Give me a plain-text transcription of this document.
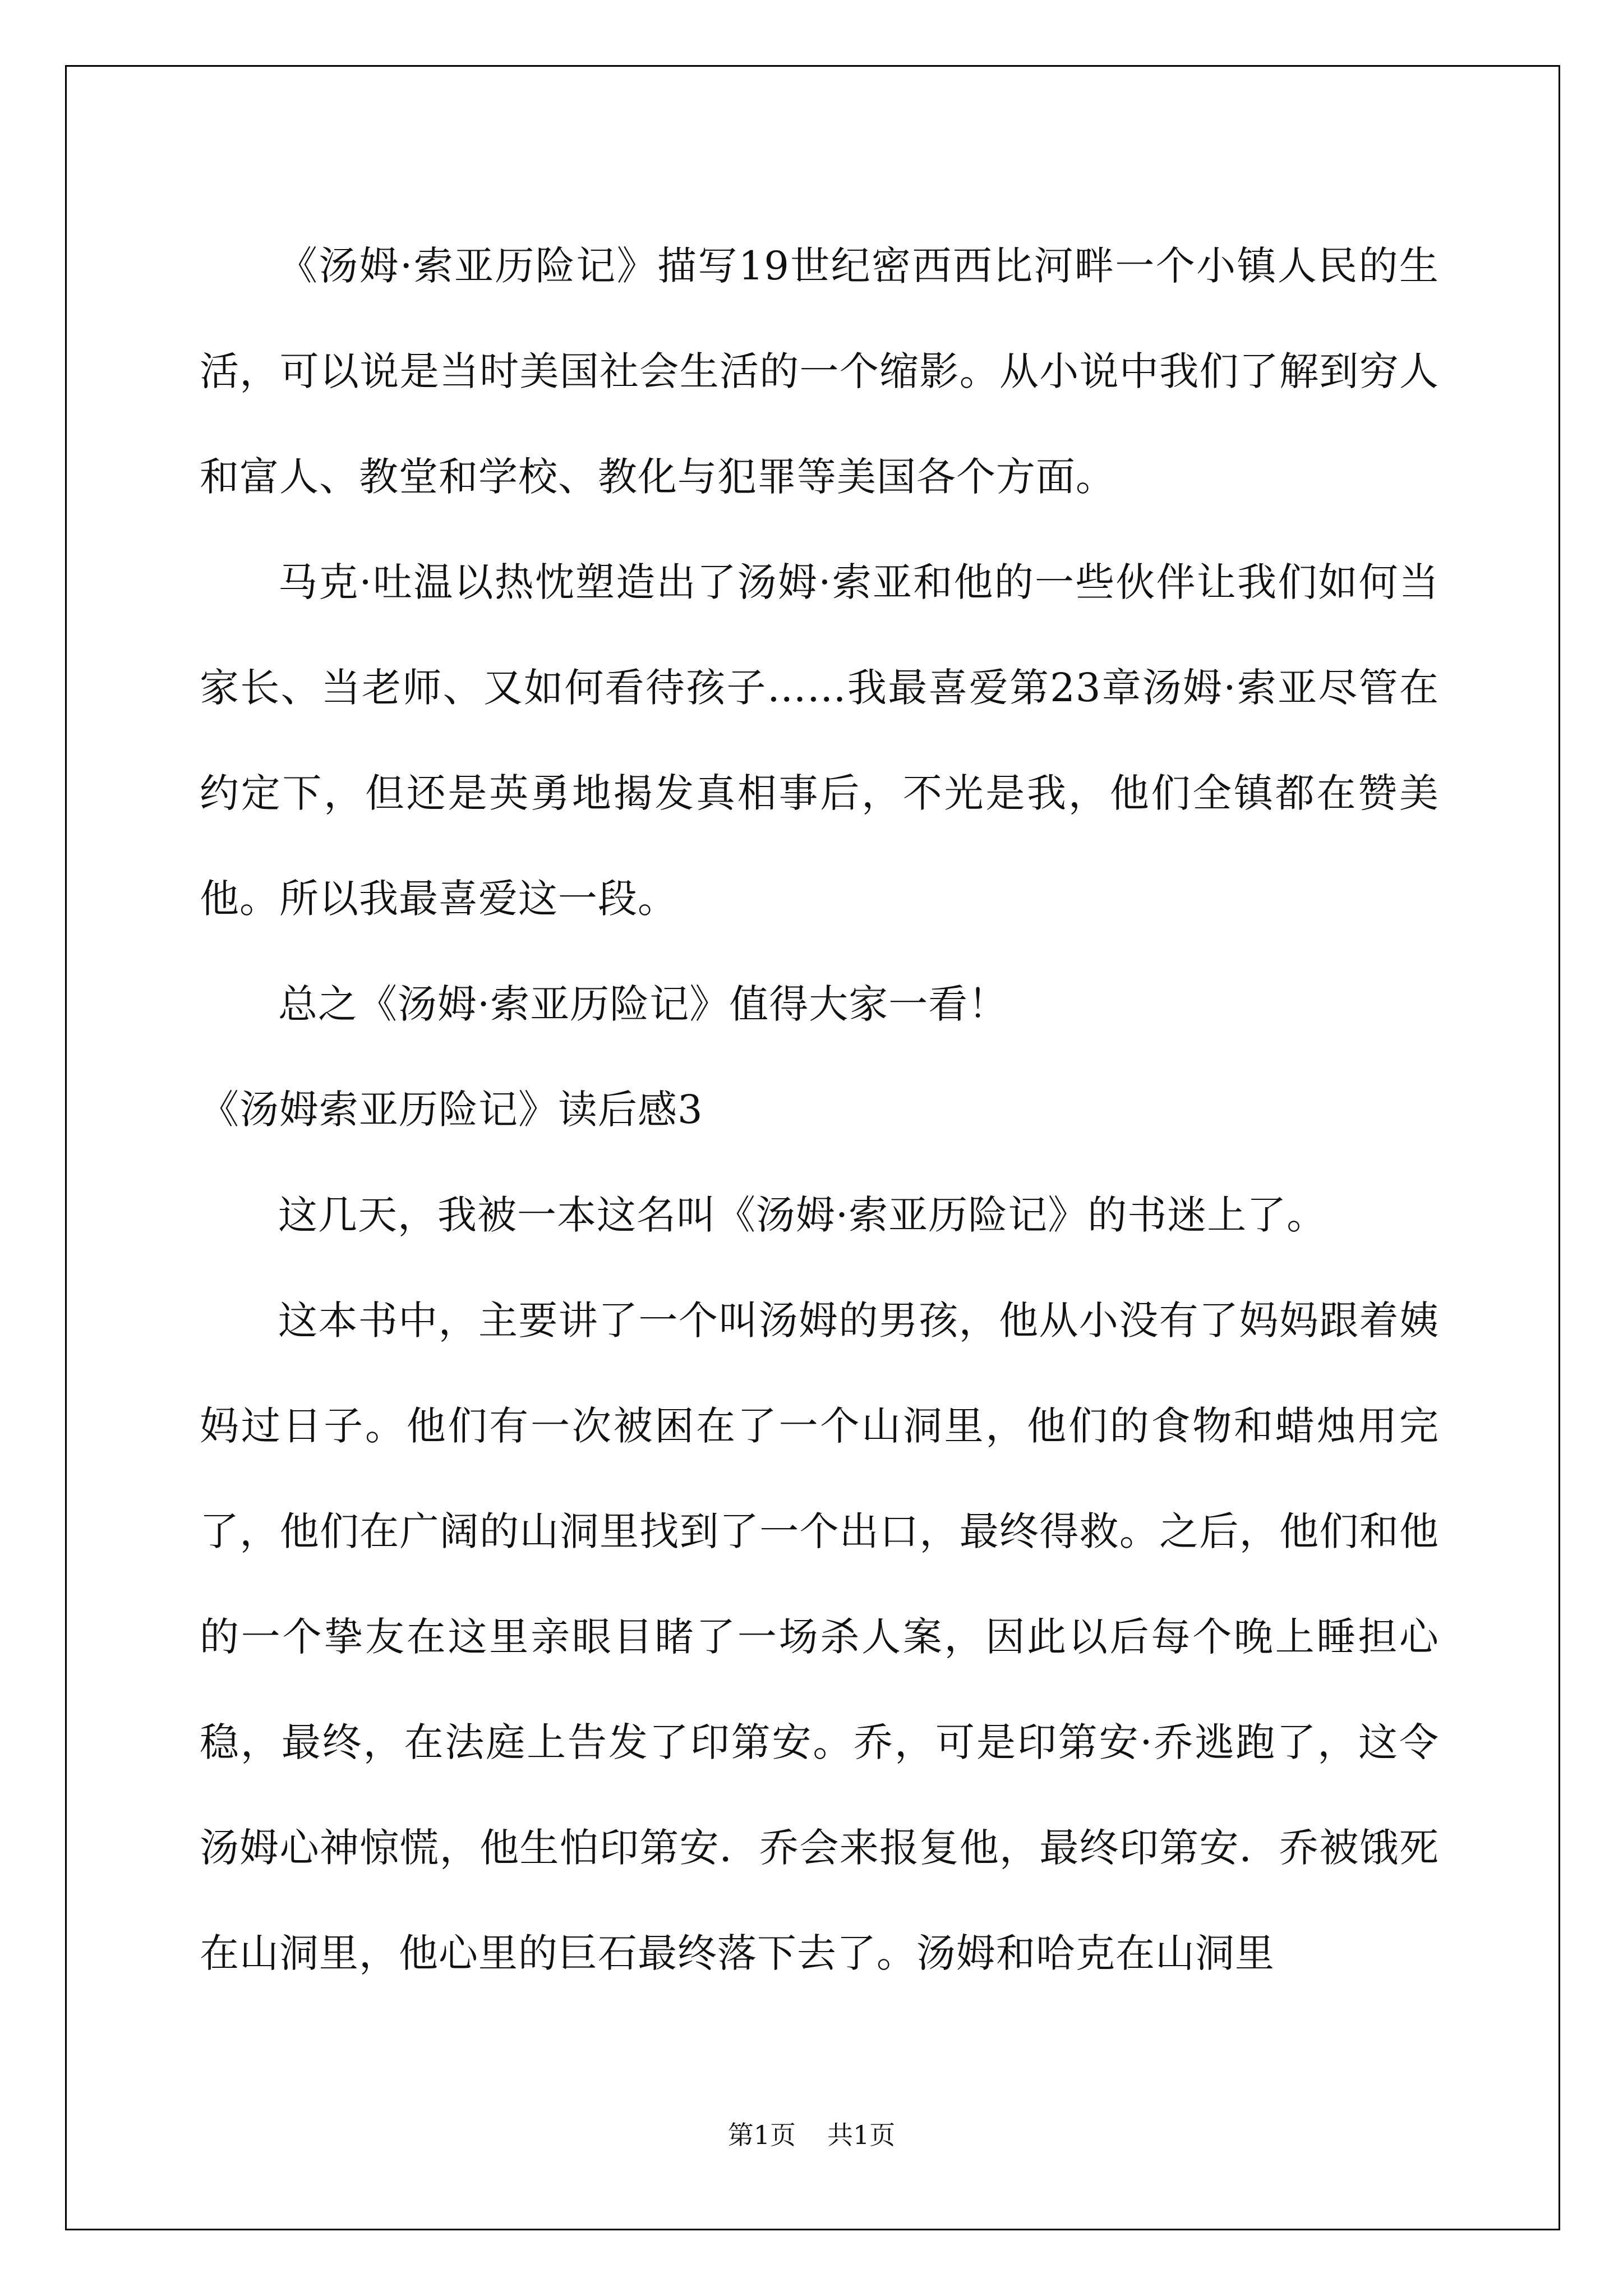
《汤姆·索亚历险记》描写19世纪密西西比河畔一个小镇人民的生活，可以说是当时美国社会生活的一个缩影。从小说中我们了解到穷人和富人、教堂和学校、教化与犯罪等美国各个方面。

马克·吐温以热忱塑造出了汤姆·索亚和他的一些伙伴让我们如何当家长、当老师、又如何看待孩子……我最喜爱第23章汤姆·索亚尽管在约定下，但还是英勇地揭发真相事后，不光是我，他们全镇都在赞美他。所以我最喜爱这一段。

总之《汤姆·索亚历险记》值得大家一看！

《汤姆索亚历险记》读后感3

这几天，我被一本这名叫《汤姆·索亚历险记》的书迷上了。

这本书中，主要讲了一个叫汤姆的男孩，他从小没有了妈妈跟着姨妈过日子。他们有一次被困在了一个山洞里，他们的食物和蜡烛用完了，他们在广阔的山洞里找到了一个出口，最终得救。之后，他们和他的一个挚友在这里亲眼目睹了一场杀人案，因此以后每个晚上睡担心稳，最终，在法庭上告发了印第安。乔，可是印第安·乔逃跑了，这令汤姆心神惊慌，他生怕印第安．乔会来报复他，最终印第安．乔被饿死在山洞里，他心里的巨石最终落下去了。汤姆和哈克在山洞里

第1页 共1页
